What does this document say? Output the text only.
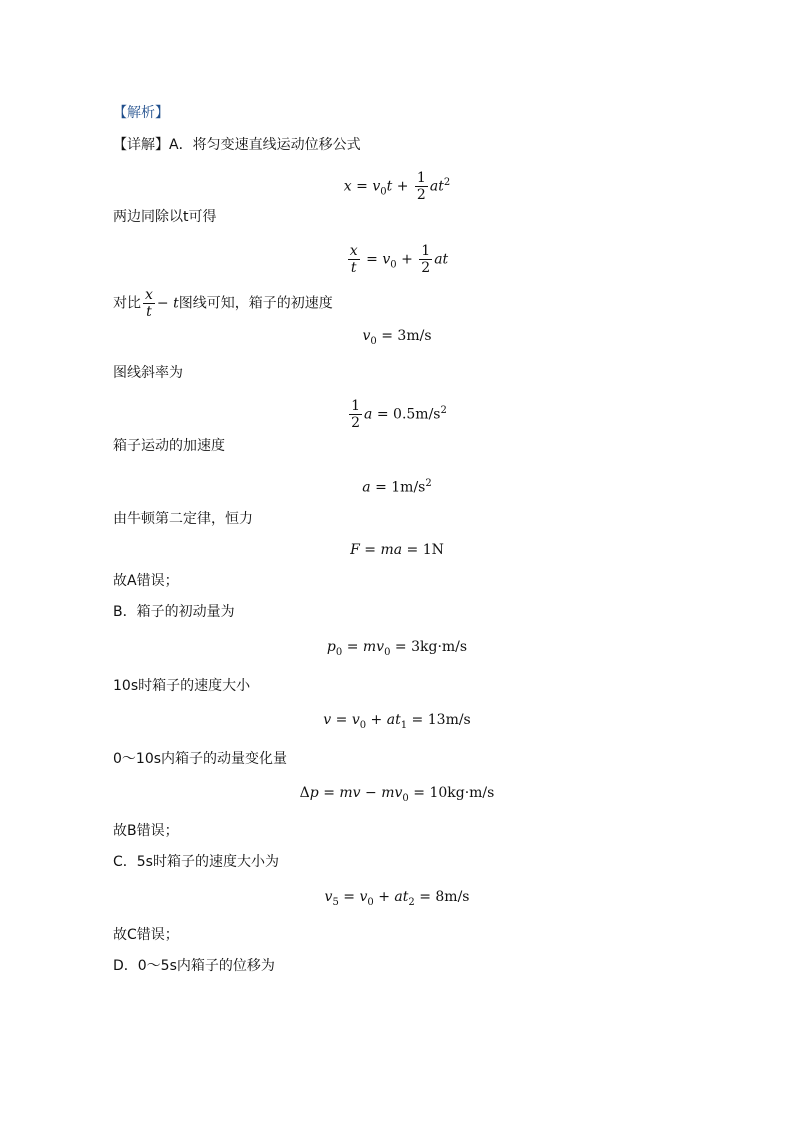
【解析】
【详解】A．将匀变速直线运动位移公式
$x = v_0t + \frac{1}{2} at^2$
两边同除以t可得
$\frac{x}{t} = v_0 + \frac{1}{2}$ at
对比 $\frac{x}{t} - t$图线可知，箱子的初速度
$v_0 = 3m/s$
图线斜率为
$\frac{1}{2}$ $a = 0.5m/s^2$
箱子运动的加速度
$a = 1m/s^2$
由牛顿第二定律，恒力
F = ma = 1N
故A错误；
B．箱子的初动量为
$p_0 = mv_0 = 3kg\cdot m/s$
10s时箱子的速度大小
$v = v_0 + at_1 = 13m/s$
0～10s内箱子的动量变化量
Δp = mv − $mv_0 = 10kg\cdot m/s$
故B错误；
C．5s时箱子的速度大小为
$v_5 = v_0 + at_2 = 8m/s$
故C错误；
D．0～5s内箱子的位移为
